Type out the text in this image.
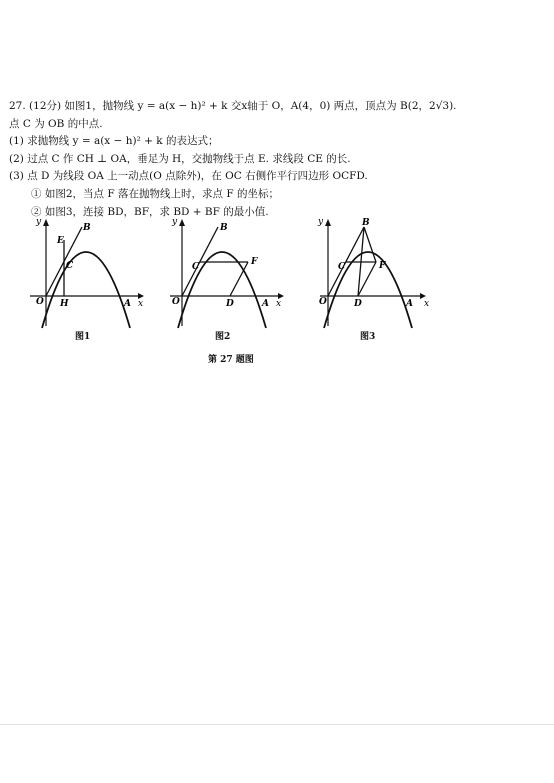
27. (12分) 如图1，抛物线 y = a(x − h)² + k 交x轴于 O，A(4，0) 两点，顶点为 B(2，2√3).
点 C 为 OB 的中点.
(1) 求抛物线 y = a(x − h)² + k 的表达式；
(2) 过点 C 作 CH ⊥ OA，垂足为 H，交抛物线于点 E. 求线段 CE 的长.
(3) 点 D 为线段 OA 上一动点(O 点除外)，在 OC 右侧作平行四边形 OCFD.
① 如图2，当点 F 落在抛物线上时，求点 F 的坐标；
② 如图3，连接 BD，BF，求 BD + BF 的最小值.
y
x
O	A
B
E
C
H
图1
y
x
O	A
B
C	F
D
图2
y
x
O	A
B
C	F
D
图3
第 27 题图
